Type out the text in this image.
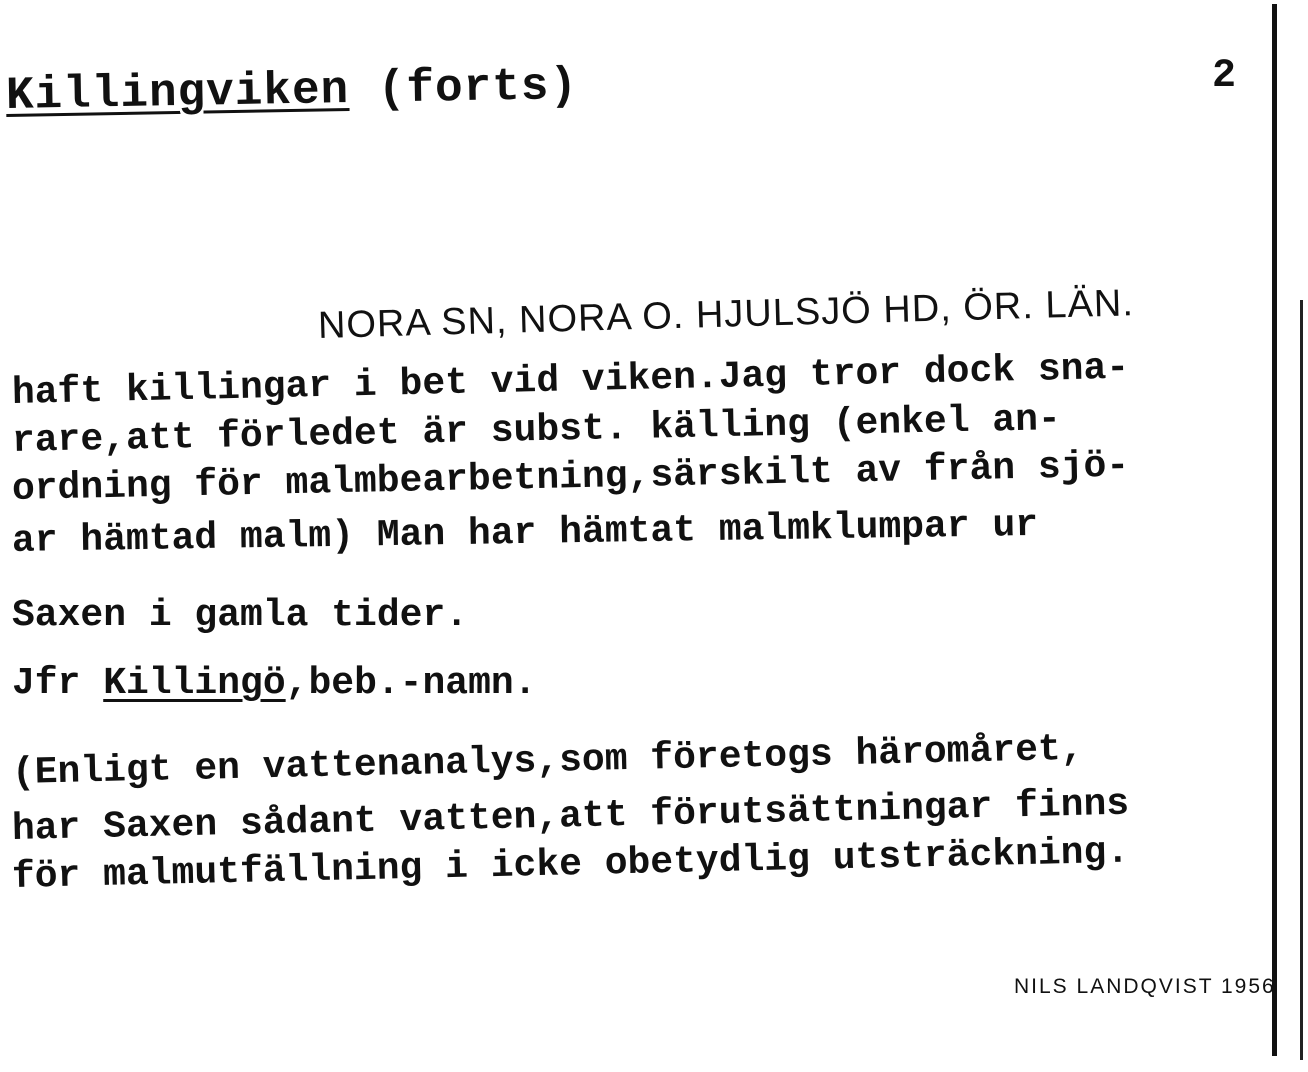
Killingviken (forts)	2
NORA SN, NORA O. HJULSJÖ HD, ÖR. LÄN.
haft killingar i bet vid viken.Jag tror dock sna-
rare,att förledet är subst. källing (enkel an-
ordning för malmbearbetning,särskilt av från sjö-
ar hämtad malm) Man har hämtat malmklumpar ur
Saxen i gamla tider.
Jfr Killingö,beb.-namn.
(Enligt en vattenanalys,som företogs häromåret,
har Saxen sådant vatten,att förutsättningar finns
för malmutfällning i icke obetydlig utsträckning.
NILS LANDQVIST 1956
